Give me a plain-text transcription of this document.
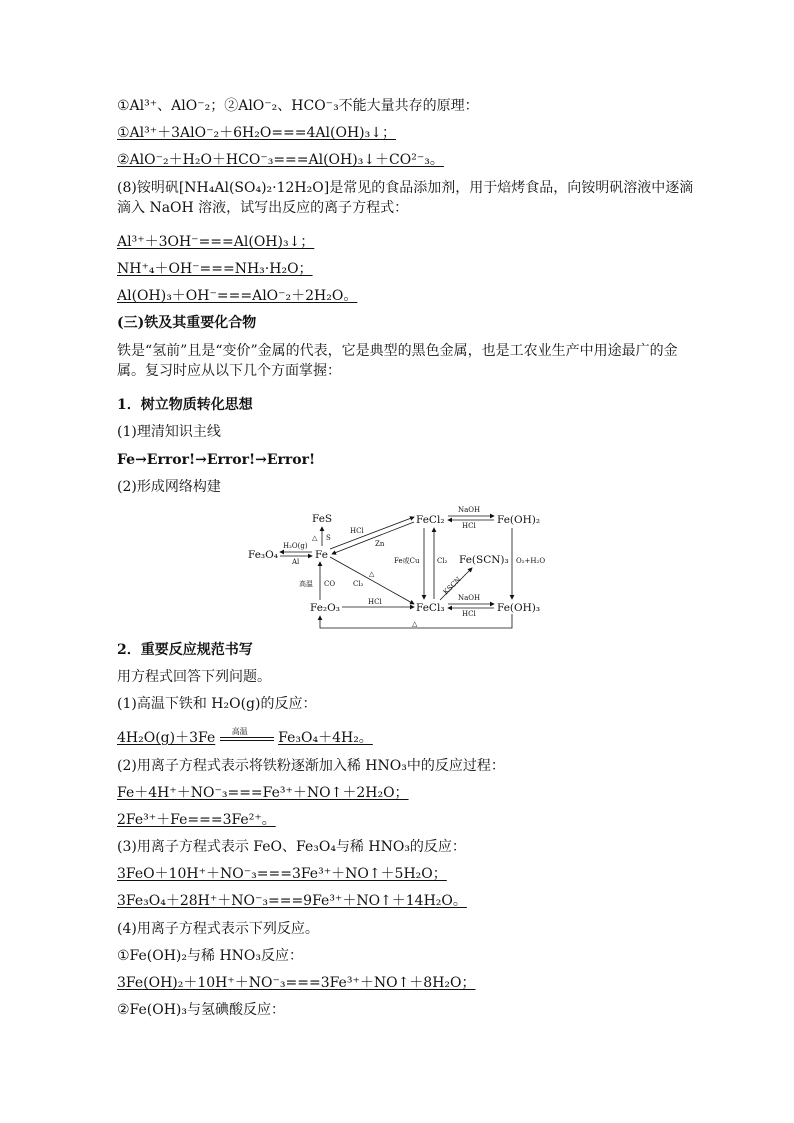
①Al³⁺、AlO⁻₂；②AlO⁻₂、HCO⁻₃不能大量共存的原理：
①Al³⁺＋3AlO⁻₂＋6H₂O===4Al(OH)₃↓；
②AlO⁻₂＋H₂O＋HCO⁻₃===Al(OH)₃↓＋CO²⁻₃。
(8)铵明矾[NH₄Al(SO₄)₂·12H₂O]是常见的食品添加剂，用于焙烤食品，向铵明矾溶液中逐滴滴入 NaOH 溶液，试写出反应的离子方程式：
Al³⁺＋3OH⁻===Al(OH)₃↓；
NH⁺₄＋OH⁻===NH₃·H₂O；
Al(OH)₃＋OH⁻===AlO⁻₂＋2H₂O。
(三)铁及其重要化合物
铁是“氢前”且是“变价”金属的代表，它是典型的黑色金属，也是工农业生产中用途最广的金属。复习时应从以下几个方面掌握：
1．树立物质转化思想
(1)理清知识主线
Fe→Error!→Error!→Error!
(2)形成网络构建
FeS
Fe
Fe₃O₄
Fe₂O₃
FeCl₂
FeCl₃
Fe(OH)₂
Fe(OH)₃
Fe(SCN)₃
△ S
H₂O(g)
Al
HCl
Zn
△
Cl₂
高温 CO
HCl
Fe或Cu	Cl₂
KSCN
NaOH
HCl
NaOH
HCl
O₂+H₂O
△
2．重要反应规范书写
用方程式回答下列问题。
(1)高温下铁和 H₂O(g)的反应：
4H₂O(g)＋3Fe 高温 Fe₃O₄＋4H₂。
(2)用离子方程式表示将铁粉逐渐加入稀 HNO₃中的反应过程：
Fe＋4H⁺＋NO⁻₃===Fe³⁺＋NO↑＋2H₂O；
2Fe³⁺＋Fe===3Fe²⁺。
(3)用离子方程式表示 FeO、Fe₃O₄与稀 HNO₃的反应：
3FeO＋10H⁺＋NO⁻₃===3Fe³⁺＋NO↑＋5H₂O；
3Fe₃O₄＋28H⁺＋NO⁻₃===9Fe³⁺＋NO↑＋14H₂O。
(4)用离子方程式表示下列反应。
①Fe(OH)₂与稀 HNO₃反应：
3Fe(OH)₂＋10H⁺＋NO⁻₃===3Fe³⁺＋NO↑＋8H₂O；
②Fe(OH)₃与氢碘酸反应：
